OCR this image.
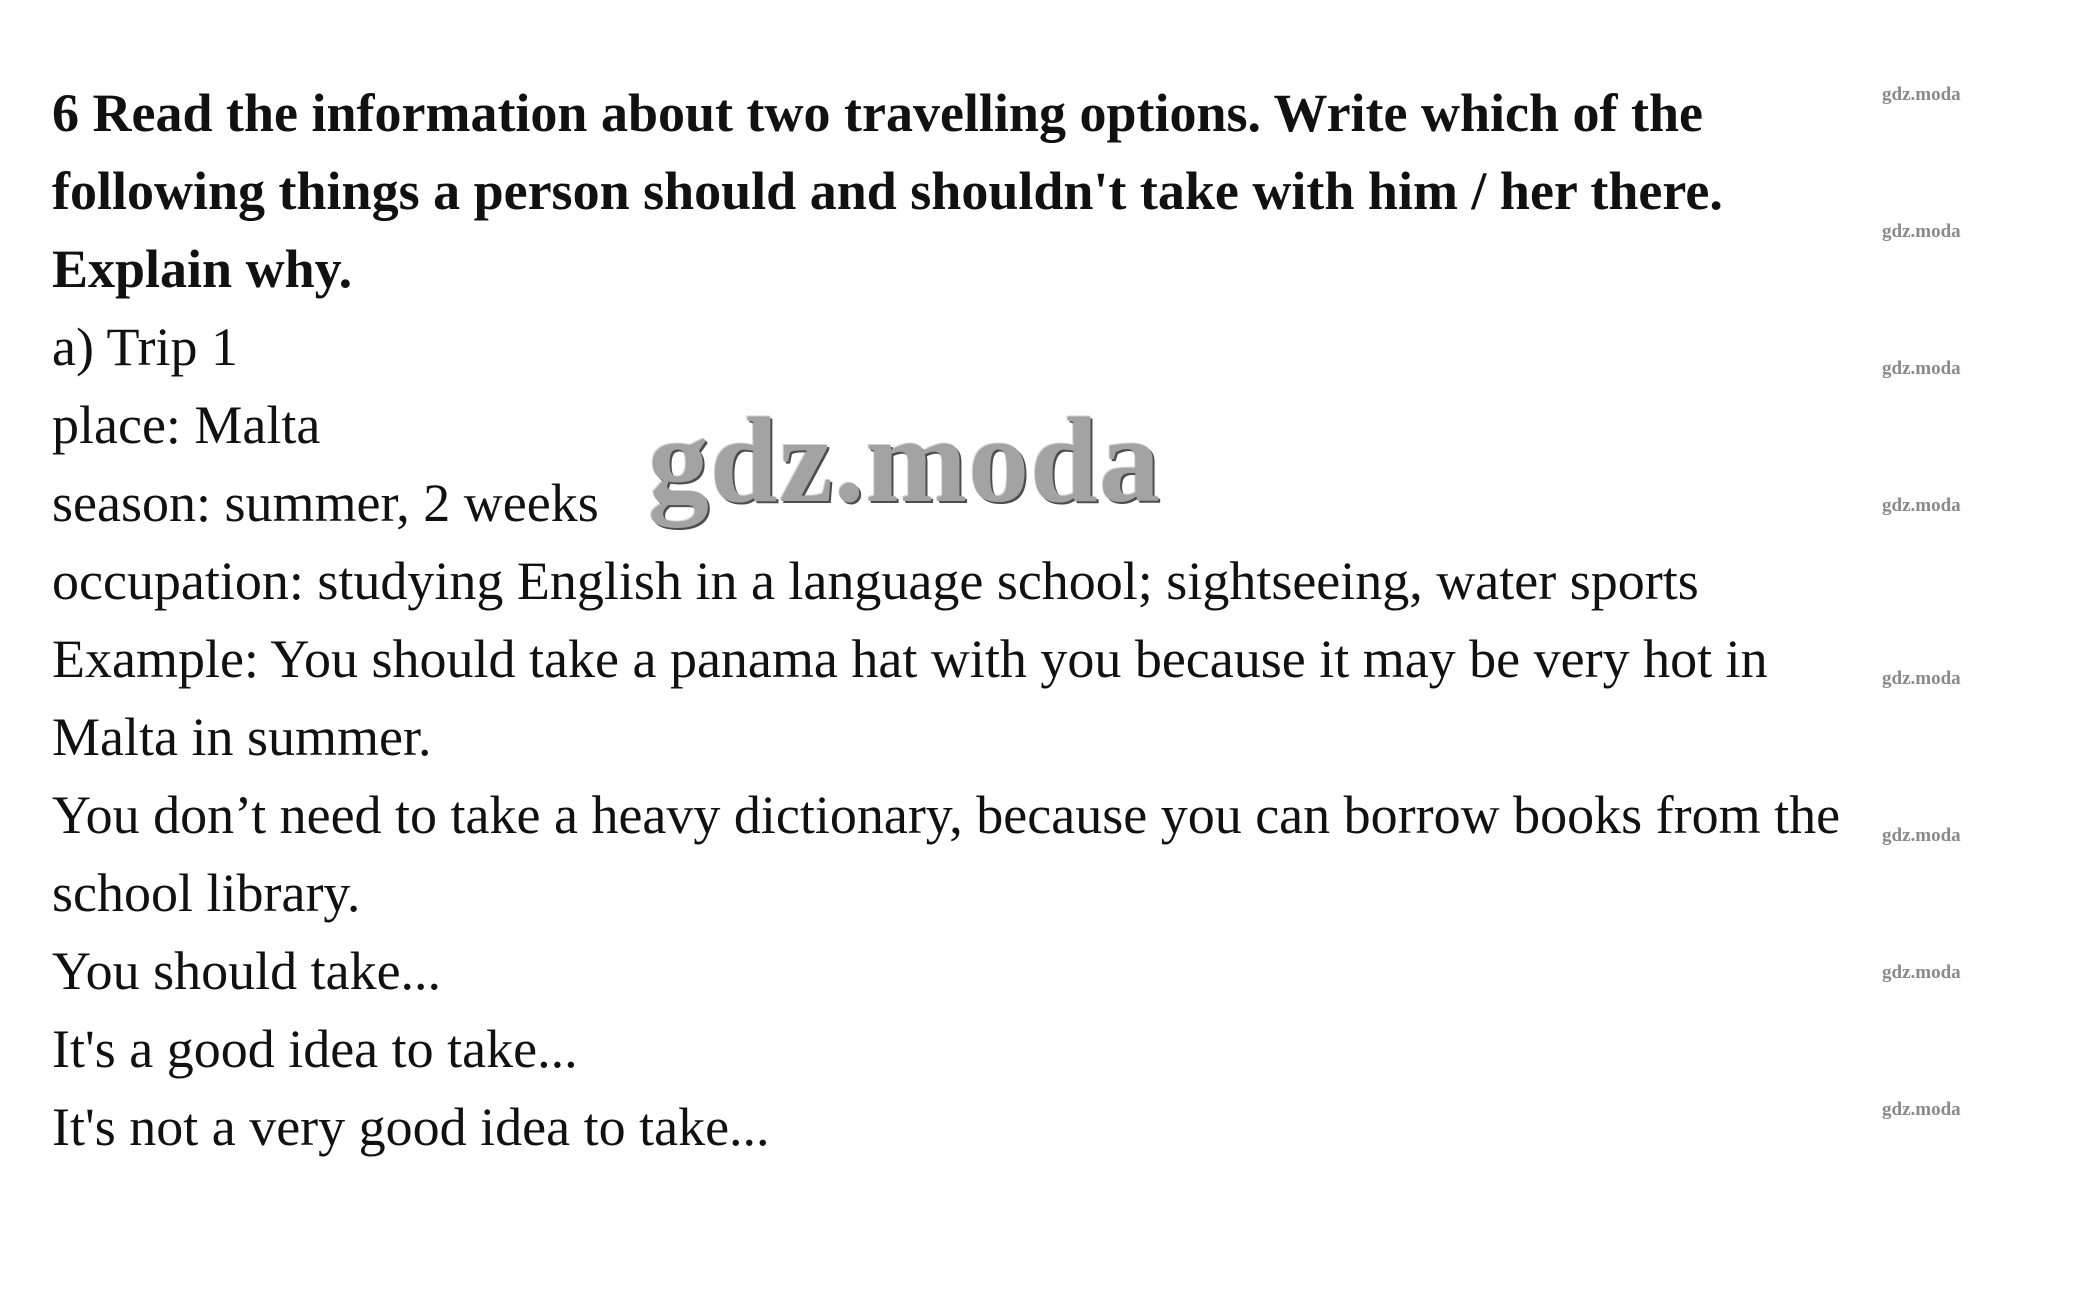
6 Read the information about two travelling options. Write which of the
following things a person should and shouldn't take with him / her there.
Explain why.
a) Trip 1
place: Malta
season: summer, 2 weeks
occupation: studying English in a language school; sightseeing, water sports
Example: You should take a panama hat with you because it may be very hot in
Malta in summer.
You don’t need to take a heavy dictionary, because you can borrow books from the
school library.
You should take...
It's a good idea to take...
It's not a very good idea to take...
gdz.moda
gdz.moda
gdz.moda
gdz.moda
gdz.moda
gdz.moda
gdz.moda
gdz.moda
gdz.moda
